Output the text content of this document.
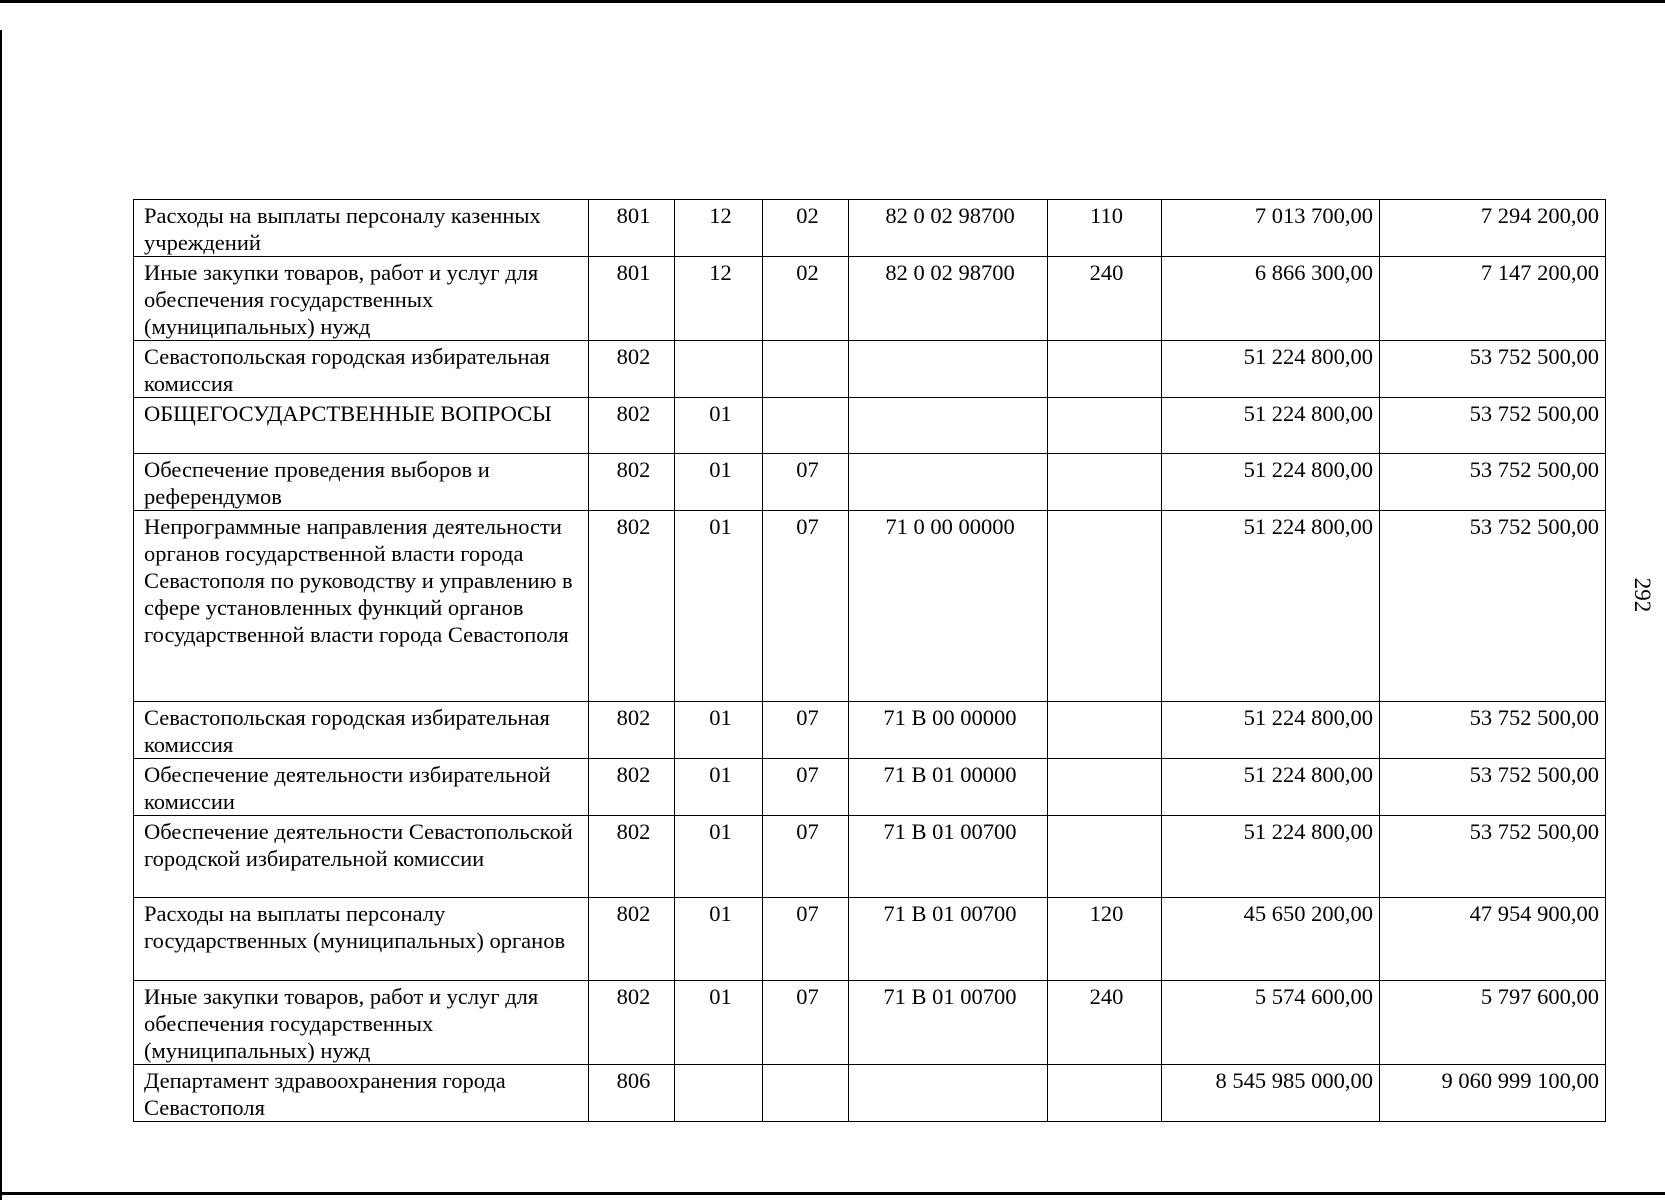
292
Расходы на выплаты персоналу казенных учреждений	801	12	02	82 0 02 98700	110	7 013 700,00	7 294 200,00
Иные закупки товаров, работ и услуг для обеспечения государственных (муниципальных) нужд	801	12	02	82 0 02 98700	240	6 866 300,00	7 147 200,00
Севастопольская городская избирательная комиссия	802					51 224 800,00	53 752 500,00
ОБЩЕГОСУДАРСТВЕННЫЕ ВОПРОСЫ	802	01				51 224 800,00	53 752 500,00
Обеспечение проведения выборов и референдумов	802	01	07			51 224 800,00	53 752 500,00
Непрограммные направления деятельности органов государственной власти города Севастополя по руководству и управлению в сфере установленных функций органов государственной власти города Севастополя	802	01	07	71 0 00 00000		51 224 800,00	53 752 500,00
Севастопольская городская избирательная комиссия	802	01	07	71 В 00 00000		51 224 800,00	53 752 500,00
Обеспечение деятельности избирательной комиссии	802	01	07	71 В 01 00000		51 224 800,00	53 752 500,00
Обеспечение деятельности Севастопольской городской избирательной комиссии	802	01	07	71 В 01 00700		51 224 800,00	53 752 500,00
Расходы на выплаты персоналу государственных (муниципальных) органов	802	01	07	71 В 01 00700	120	45 650 200,00	47 954 900,00
Иные закупки товаров, работ и услуг для обеспечения государственных (муниципальных) нужд	802	01	07	71 В 01 00700	240	5 574 600,00	5 797 600,00
Департамент здравоохранения города Севастополя	806					8 545 985 000,00	9 060 999 100,00
